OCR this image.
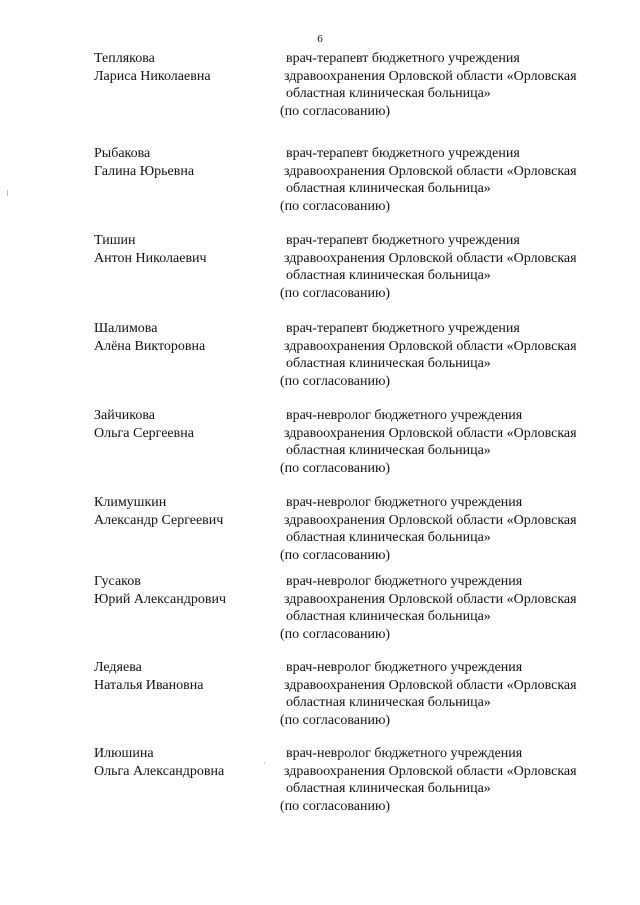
6
Теплякова
Лариса Николаевна
врач-терапевт бюджетного учреждения
здравоохранения Орловской области «Орловская
областная клиническая больница»
(по согласованию)
Рыбакова
Галина Юрьевна
врач-терапевт бюджетного учреждения
здравоохранения Орловской области «Орловская
областная клиническая больница»
(по согласованию)
Тишин
Антон Николаевич
врач-терапевт бюджетного учреждения
здравоохранения Орловской области «Орловская
областная клиническая больница»
(по согласованию)
Шалимова
Алёна Викторовна
врач-терапевт бюджетного учреждения
здравоохранения Орловской области «Орловская
областная клиническая больница»
(по согласованию)
Зайчикова
Ольга Сергеевна
врач-невролог бюджетного учреждения
здравоохранения Орловской области «Орловская
областная клиническая больница»
(по согласованию)
Климушкин
Александр Сергеевич
врач-невролог бюджетного учреждения
здравоохранения Орловской области «Орловская
областная клиническая больница»
(по согласованию)
Гусаков
Юрий Александрович
врач-невролог бюджетного учреждения
здравоохранения Орловской области «Орловская
областная клиническая больница»
(по согласованию)
Ледяева
Наталья Ивановна
врач-невролог бюджетного учреждения
здравоохранения Орловской области «Орловская
областная клиническая больница»
(по согласованию)
Илюшина
Ольга Александровна
врач-невролог бюджетного учреждения
здравоохранения Орловской области «Орловская
областная клиническая больница»
(по согласованию)
